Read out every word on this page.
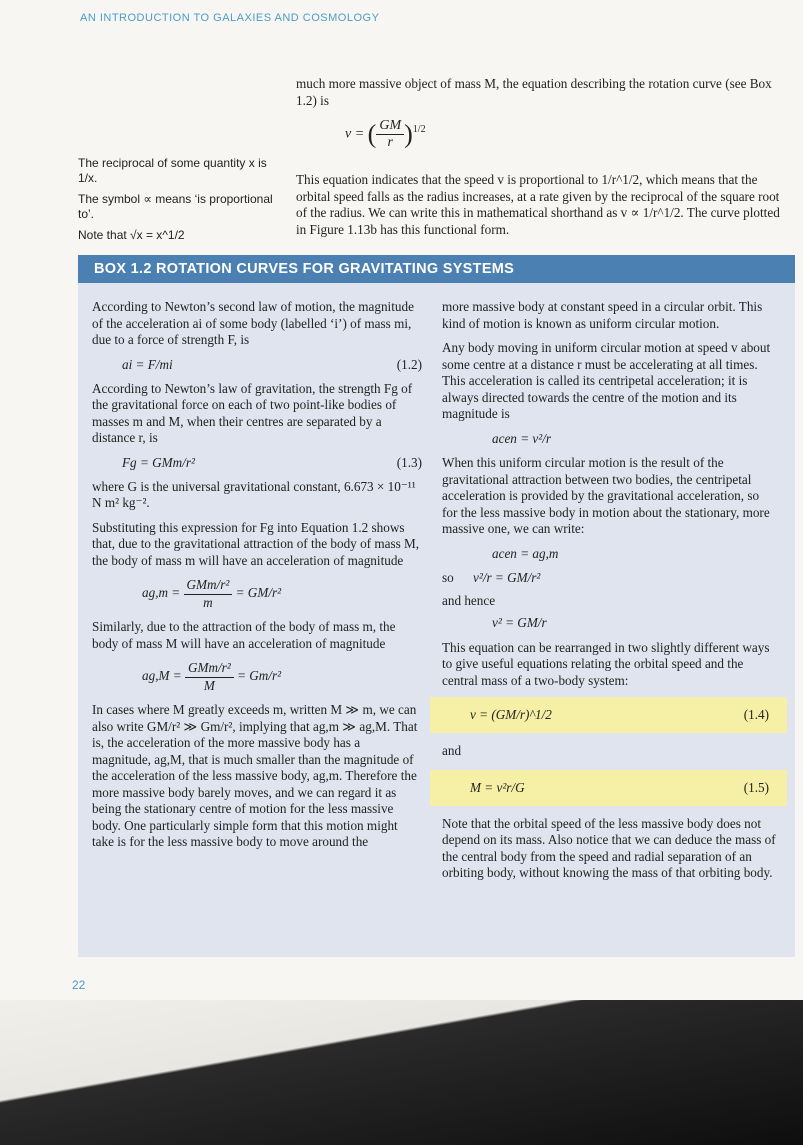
AN INTRODUCTION TO GALAXIES AND COSMOLOGY

The reciprocal of some quantity x is 1/x.

The symbol ∝ means ‘is proportional to’.

Note that √x = x^1/2

much more massive object of mass M, the equation describing the rotation curve (see Box 1.2) is

v = ( $\frac{GM}{r} )^{1/2}$
This equation indicates that the speed v is proportional to 1/r^1/2, which means that the orbital speed falls as the radius increases, at a rate given by the reciprocal of the square root of the radius. We can write this in mathematical shorthand as v ∝ 1/r^1/2. The curve plotted in Figure 1.13b has this functional form.
BOX 1.2 ROTATION CURVES FOR GRAVITATING SYSTEMS

According to Newton’s second law of motion, the magnitude of the acceleration ai of some body (labelled ‘i’) of mass mi, due to a force of strength F, is

ai = F/mi	(1.2)

According to Newton’s law of gravitation, the strength Fg of the gravitational force on each of two point-like bodies of masses m and M, when their centres are separated by a distance r, is

Fg = GMm/r²	(1.3)

where G is the universal gravitational constant, 6.673 × 10⁻¹¹ N m² kg⁻².

Substituting this expression for Fg into Equation 1.2 shows that, due to the gravitational attraction of the body of mass M, the body of mass m will have an acceleration of magnitude

$ag,m = \frac{\text{GMm/r²}}{m} = GM/r^2$

Similarly, due to the attraction of the body of mass m, the body of mass M will have an acceleration of magnitude

$ag,M = \frac{\text{GMm/r²}}{M} = Gm/r^2$

In cases where M greatly exceeds m, written M ≫ m, we can also write GM/r² ≫ Gm/r², implying that ag,m ≫ ag,M. That is, the acceleration of the more massive body has a magnitude, ag,M, that is much smaller than the magnitude of the acceleration of the less massive body, ag,m. Therefore the more massive body barely moves, and we can regard it as being the stationary centre of motion for the less massive body. One particularly simple form that this motion might take is for the less massive body to move around the

more massive body at constant speed in a circular orbit. This kind of motion is known as uniform circular motion.

Any body moving in uniform circular motion at speed v about some centre at a distance r must be accelerating at all times. This acceleration is called its centripetal acceleration; it is always directed towards the centre of the motion and its magnitude is

acen = v²/r

When this uniform circular motion is the result of the gravitational attraction between two bodies, the centripetal acceleration is provided by the gravitational acceleration, so for the less massive body in motion about the stationary, more massive one, we can write:

acen = ag,m
so v²/r = GM/r²

and hence

v² = GM/r

This equation can be rearranged in two slightly different ways to give useful equations relating the orbital speed and the central mass of a two-body system:

v = (GM/r)^1/2	(1.4)

and

M = v²r/G	(1.5)

Note that the orbital speed of the less massive body does not depend on its mass. Also notice that we can deduce the mass of the central body from the speed and radial separation of an orbiting body, without knowing the mass of that orbiting body.

22
